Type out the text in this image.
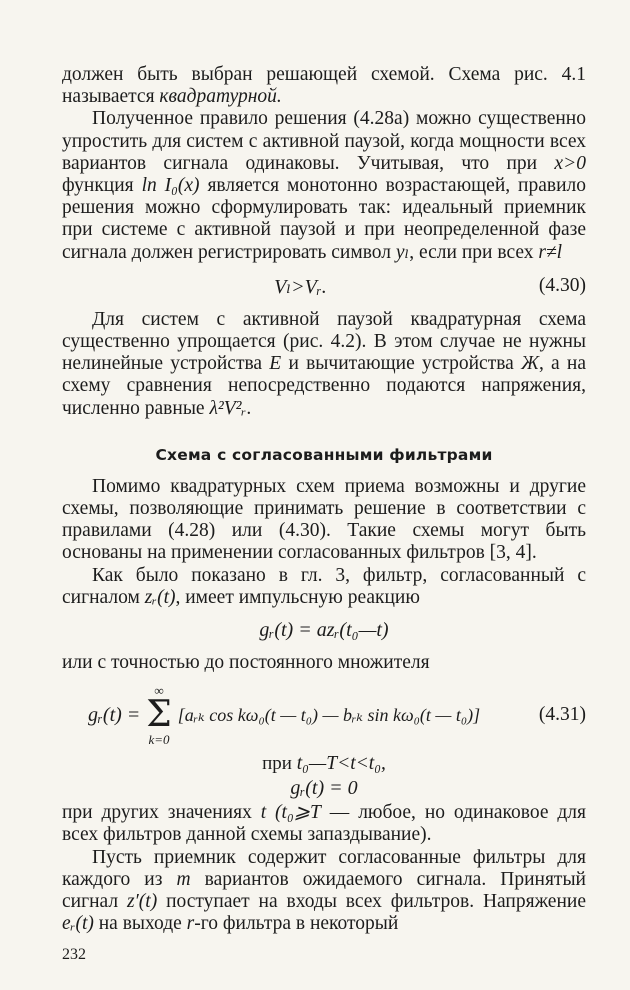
должен быть выбран решающей схемой. Схема рис. 4.1 называется квадратурной.

Полученное правило решения (4.28а) можно существенно упростить для систем с активной паузой, когда мощности всех вариантов сигнала одинаковы. Учитывая, что при x>0 функция ln I₀(x) является монотонно возрастающей, правило решения можно сформулировать так: идеальный приемник при системе с активной паузой и при неопределенной фазе сигнала должен регистрировать символ yₗ, если при всех r≠l

Vₗ>Vᵣ.	(4.30)

Для систем с активной паузой квадратурная схема существенно упрощается (рис. 4.2). В этом случае не нужны нелинейные устройства E и вычитающие устройства Ж, а на схему сравнения непосредственно подаются напряжения, численно равные λ²V²ᵣ.

Схема с согласованными фильтрами

Помимо квадратурных схем приема возможны и другие схемы, позволяющие принимать решение в соответствии с правилами (4.28) или (4.30). Такие схемы могут быть основаны на применении согласованных фильтров [3, 4].

Как было показано в гл. 3, фильтр, согласованный с сигналом zᵣ(t), имеет импульсную реакцию

gᵣ(t) = azᵣ(t₀—t)

или с точностью до постоянного множителя

gᵣ(t) =
∞
Σ
k=0
[aᵣₖ cos kω₀(t — t₀) — bᵣₖ sin kω₀(t — t₀)]	(4.31)
при t₀—T<t<t₀,
gᵣ(t) = 0

при других значениях t (t₀⩾T — любое, но одинаковое для всех фильтров данной схемы запаздывание).

Пусть приемник содержит согласованные фильтры для каждого из m вариантов ожидаемого сигнала. Принятый сигнал z′(t) поступает на входы всех фильтров. Напряжение eᵣ(t) на выходе r-го фильтра в некоторый

232
